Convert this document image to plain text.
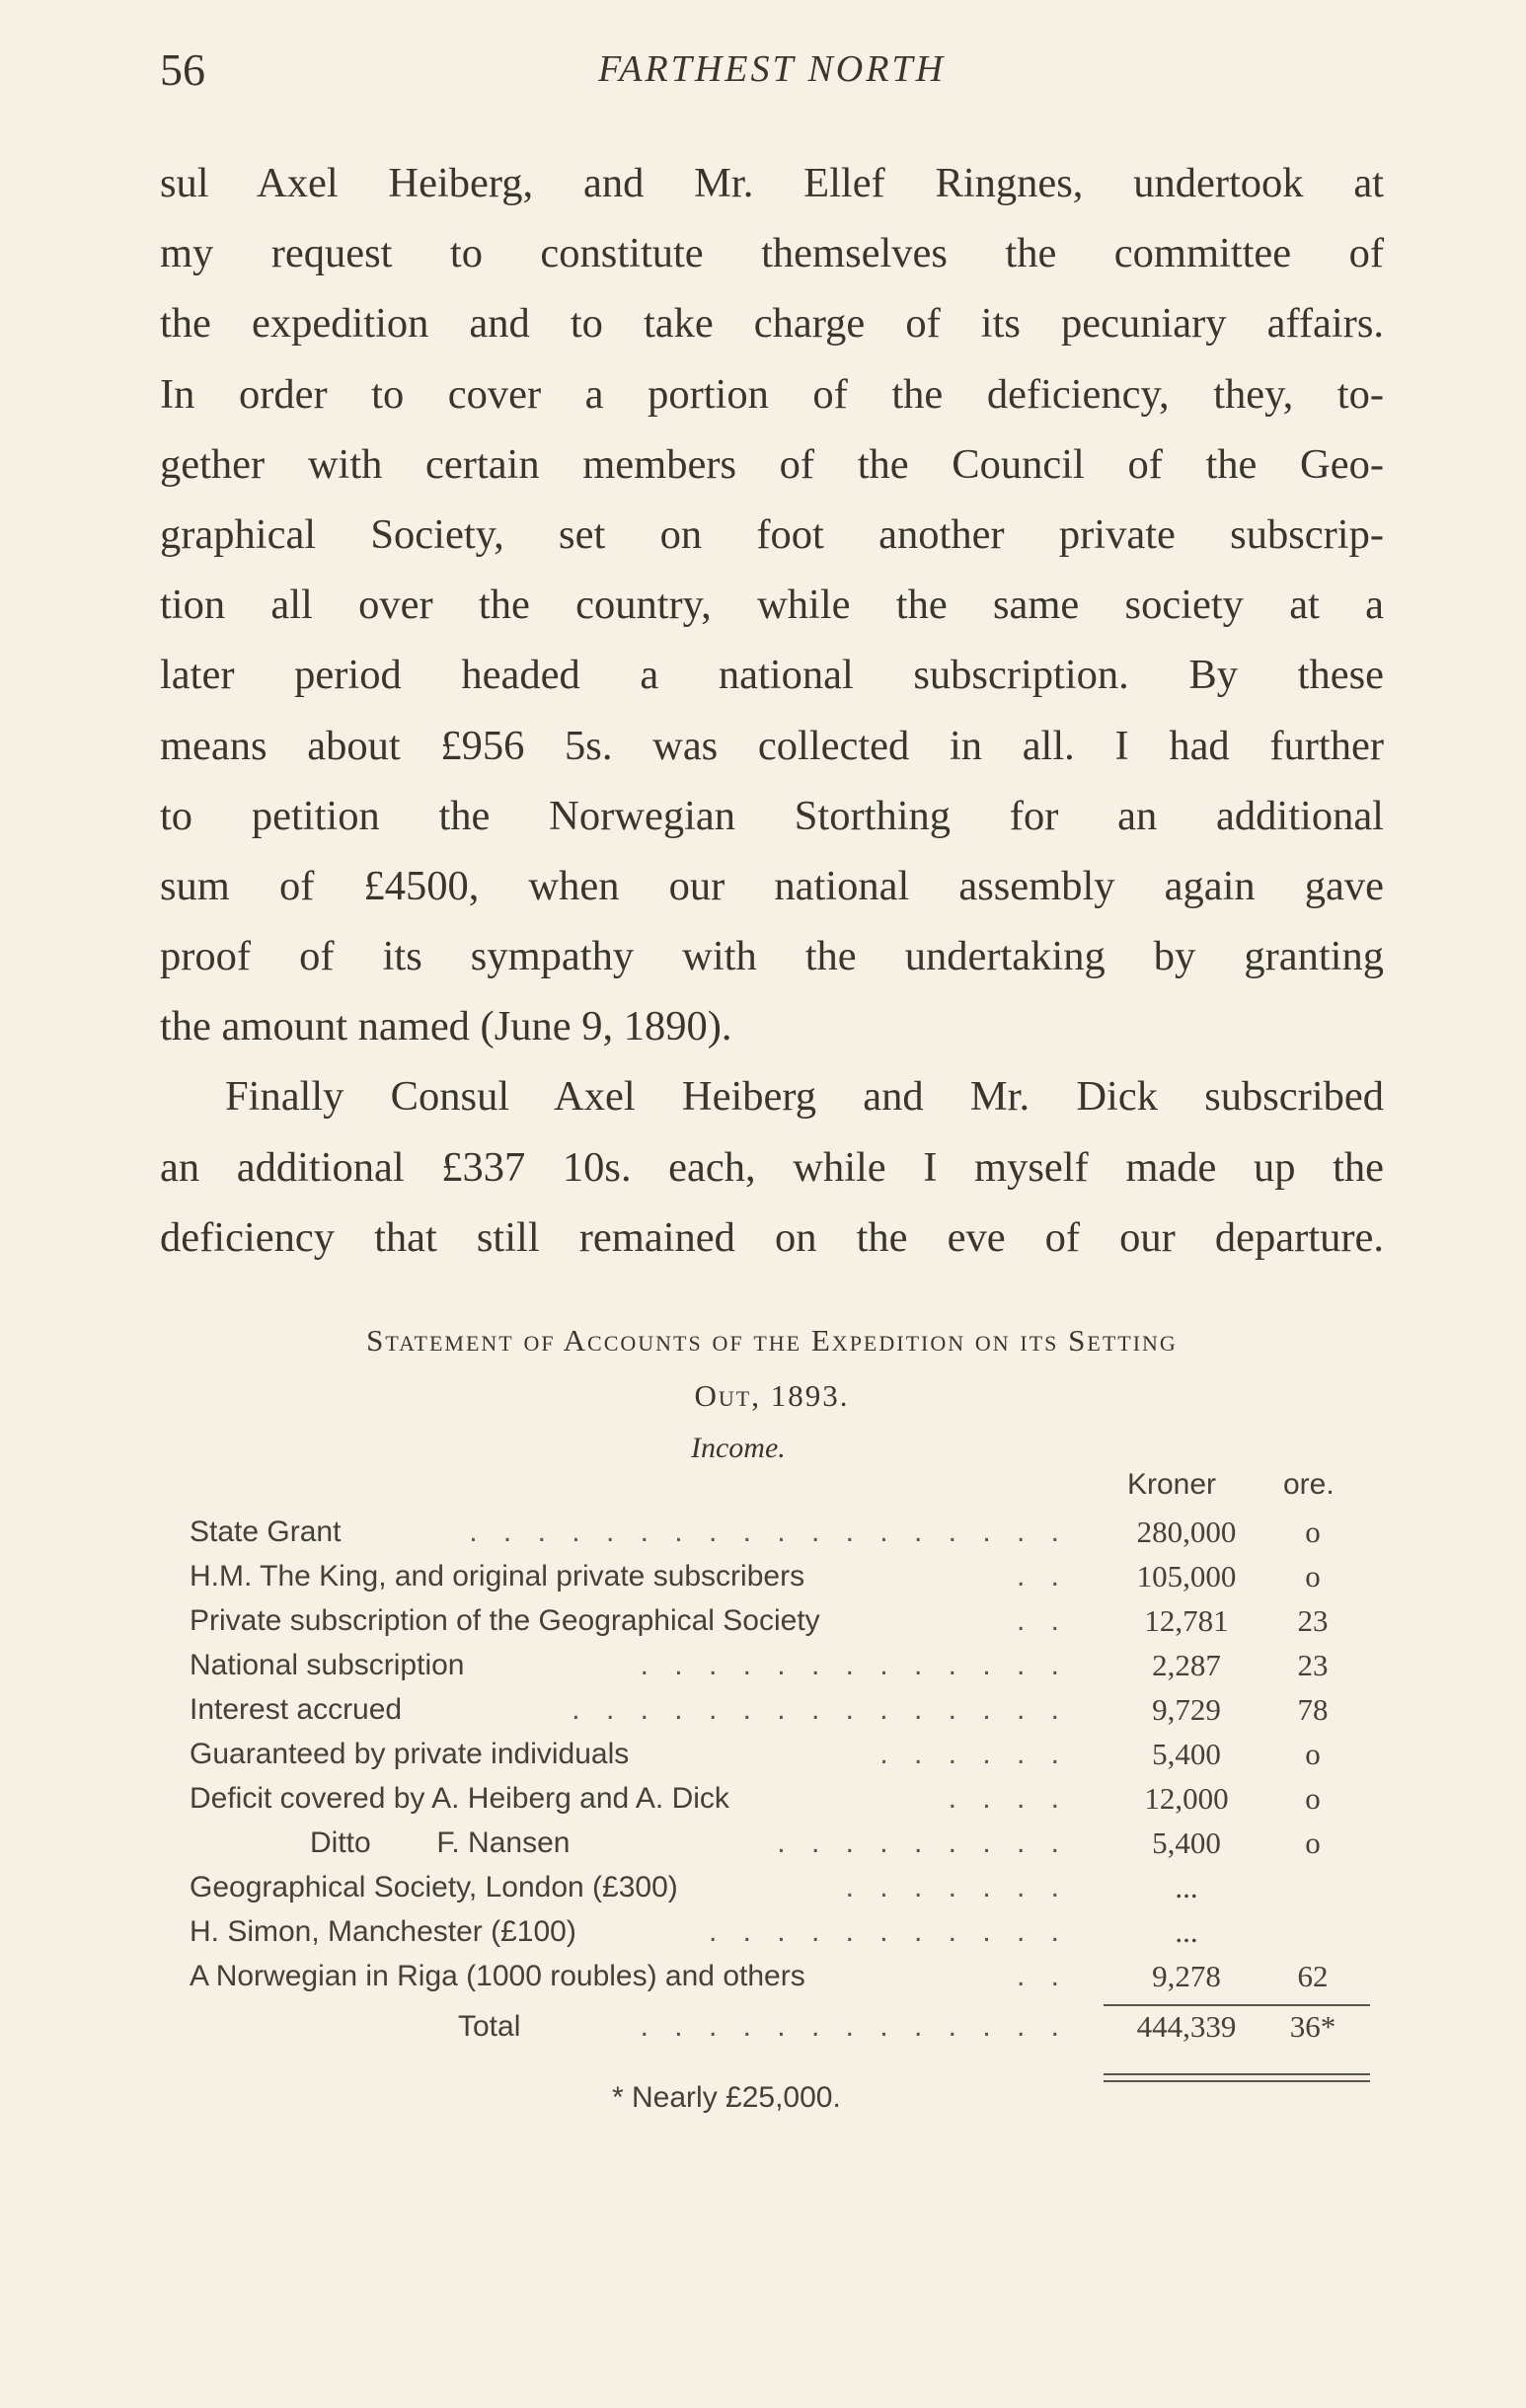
56	FARTHEST NORTH
sul Axel Heiberg, and Mr. Ellef Ringnes, undertook at
my request to constitute themselves the committee of
the expedition and to take charge of its pecuniary affairs.
In order to cover a portion of the deficiency, they, to-
gether with certain members of the Council of the Geo-
graphical Society, set on foot another private subscrip-
tion all over the country, while the same society at a
later period headed a national subscription. By these
means about £956 5s. was collected in all. I had further
to petition the Norwegian Storthing for an additional
sum of £4500, when our national assembly again gave
proof of its sympathy with the undertaking by granting
the amount named (June 9, 1890).
Finally Consul Axel Heiberg and Mr. Dick subscribed
an additional £337 10s. each, while I myself made up the
deficiency that still remained on the eve of our departure.
Statement of Accounts of the Expedition on its Setting
Out, 1893.
Income.
Kroner ore.
State Grant	. . . . . . . . . . . . . . . . . .	280,000	o
H.M. The King, and original private subscribers	. .	105,000	o
Private subscription of the Geographical Society	. .	12,781	23
National subscription	. . . . . . . . . . . . .	2,287	23
Interest accrued	. . . . . . . . . . . . . . .	9,729	78
Guaranteed by private individuals	. . . . . .	5,400	o
Deficit covered by A. Heiberg and A. Dick	. . . .	12,000	o
Ditto        F. Nansen	. . . . . . . . .	5,400	o
Geographical Society, London (£300)	. . . . . . .	...
H. Simon, Manchester (£100)	. . . . . . . . . . .	...
A Norwegian in Riga (1000 roubles) and others	. .	9,278	62
Total	. . . . . . . . . . . . .	444,339	36*
* Nearly £25,000.
